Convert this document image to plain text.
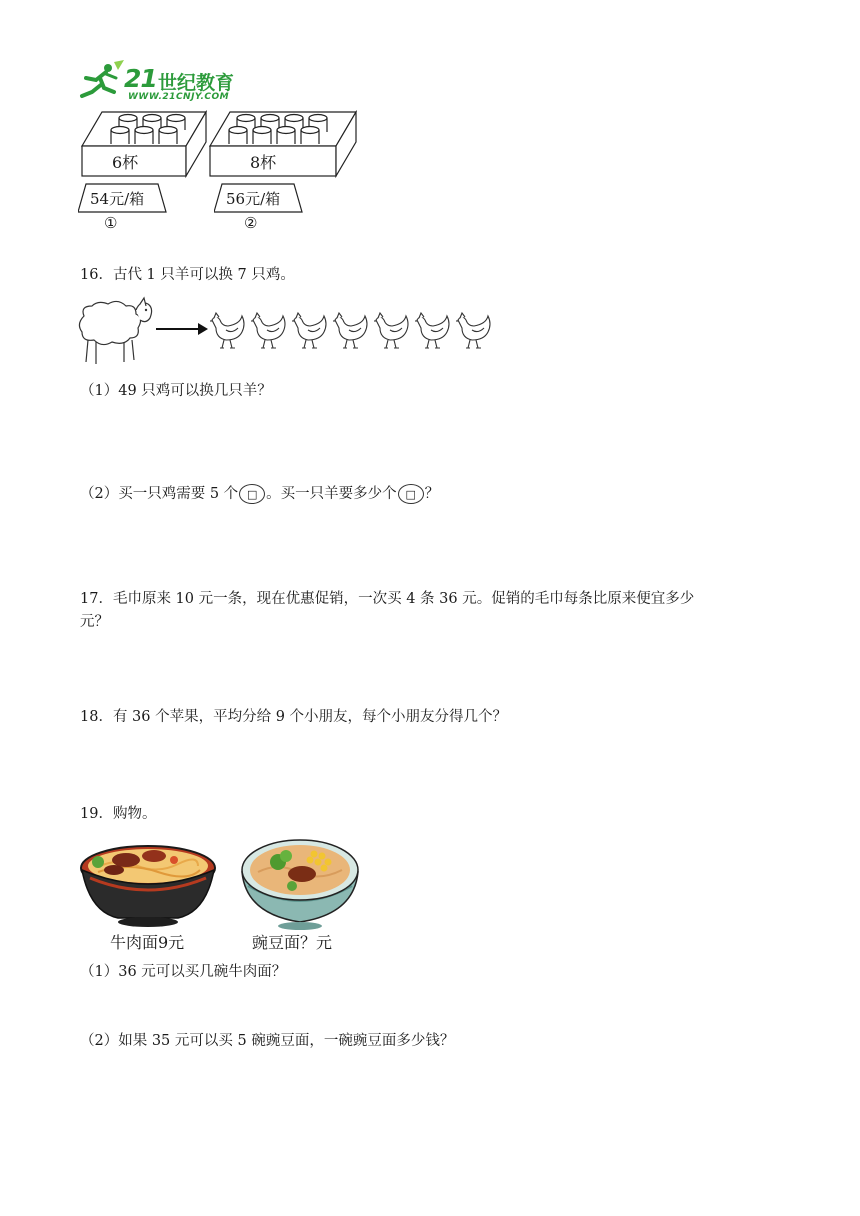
21 世纪教育
WWW.21CNJY.COM
6杯
54元/箱
①
8杯
56元/箱
②
16．古代 1 只羊可以换 7 只鸡。
（1）49 只鸡可以换几只羊？
（2）买一只鸡需要 5 个 □ 。买一只羊要多少个 □ ？
17．毛巾原来 10 元一条，现在优惠促销，一次买 4 条 36 元。促销的毛巾每条比原来便宜多少
元？
18．有 36 个苹果，平均分给 9 个小朋友，每个小朋友分得几个？
19．购物。
牛肉面9元	豌豆面？元
（1）36 元可以买几碗牛肉面？
（2）如果 35 元可以买 5 碗豌豆面，一碗豌豆面多少钱？
